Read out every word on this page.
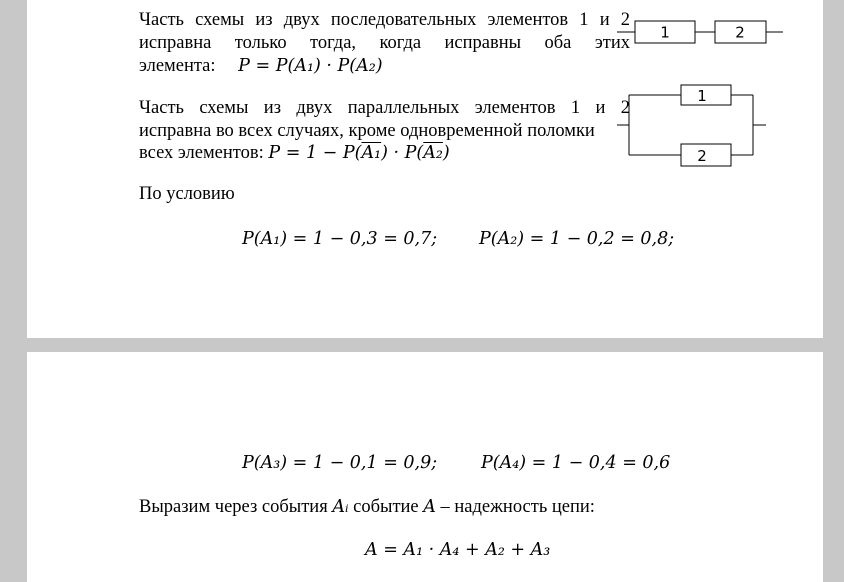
Часть схемы из двух последовательных элементов 1 и 2
исправна только тогда, когда исправны оба этих
элемента: P = P(A₁) · P(A₂)
1	2
Часть схемы из двух параллельных элементов 1 и 2
исправна во всех случаях, кроме одновременной поломки
всех элементов: P = 1 − P(A₁) · P(A₂)
1
2
По условию
P(A₁) = 1 − 0,3 = 0,7; P(A₂) = 1 − 0,2 = 0,8;
P(A₃) = 1 − 0,1 = 0,9;	P(A₄) = 1 − 0,4 = 0,6
Выразим через события Aᵢ событие A – надежность цепи:
A = A₁ · A₄ + A₂ + A₃
